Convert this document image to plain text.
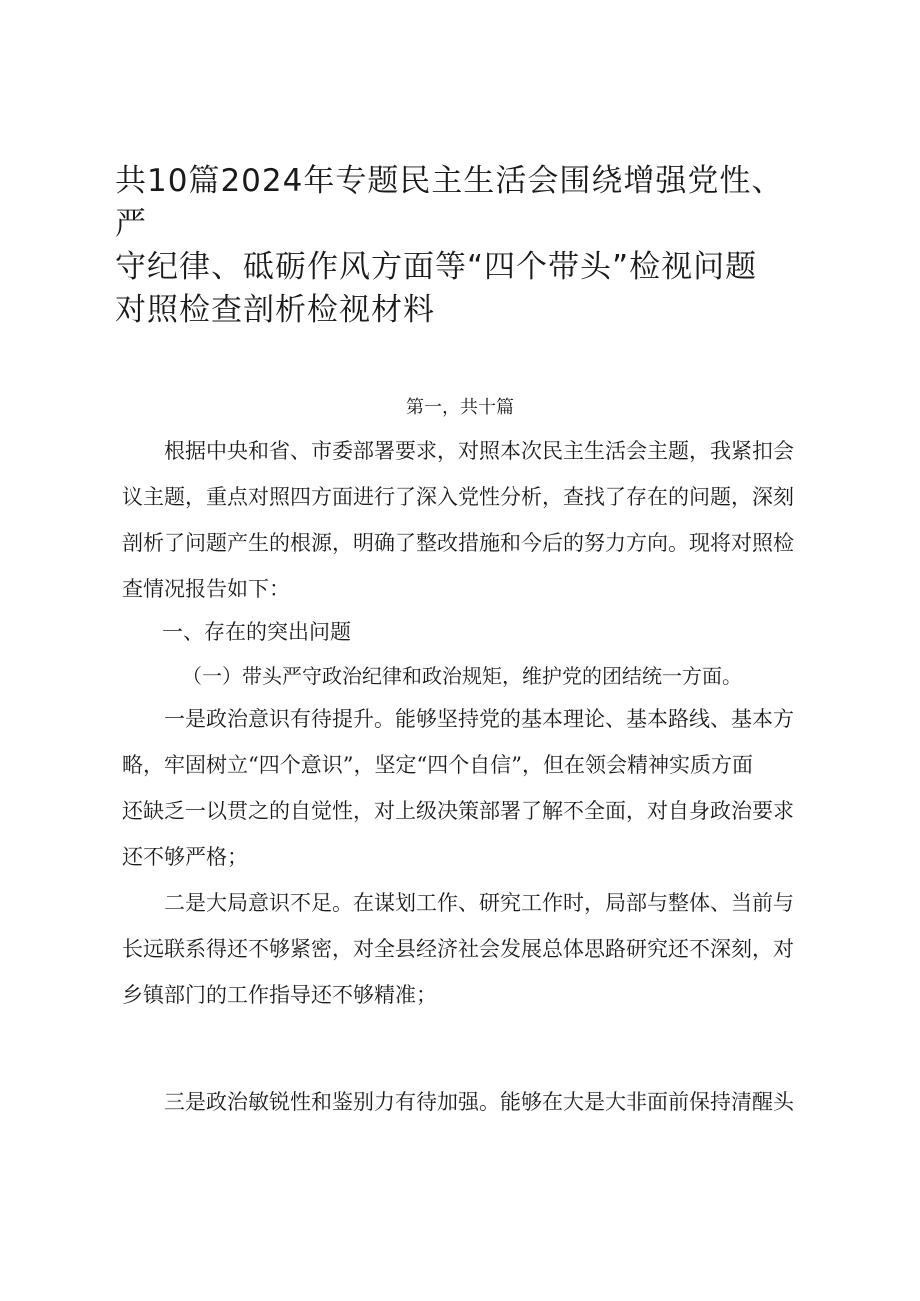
共10篇2024年专题民主生活会围绕增强党性、严
守纪律、砥砺作风方面等“四个带头”检视问题
对照检查剖析检视材料
第一，共十篇
　　根据中央和省、市委部署要求，对照本次民主生活会主题，我紧扣会
议主题，重点对照四方面进行了深入党性分析，查找了存在的问题，深刻
剖析了问题产生的根源，明确了整改措施和今后的努力方向。现将对照检
查情况报告如下：
一、存在的突出问题
（一）带头严守政治纪律和政治规矩，维护党的团结统一方面。
　　一是政治意识有待提升。能够坚持党的基本理论、基本路线、基本方
略，牢固树立“四个意识”，坚定“四个自信”，但在领会精神实质方面
还缺乏一以贯之的自觉性，对上级决策部署了解不全面，对自身政治要求
还不够严格；
　　二是大局意识不足。在谋划工作、研究工作时，局部与整体、当前与
长远联系得还不够紧密，对全县经济社会发展总体思路研究还不深刻，对
乡镇部门的工作指导还不够精准；
　　三是政治敏锐性和鉴别力有待加强。能够在大是大非面前保持清醒头
